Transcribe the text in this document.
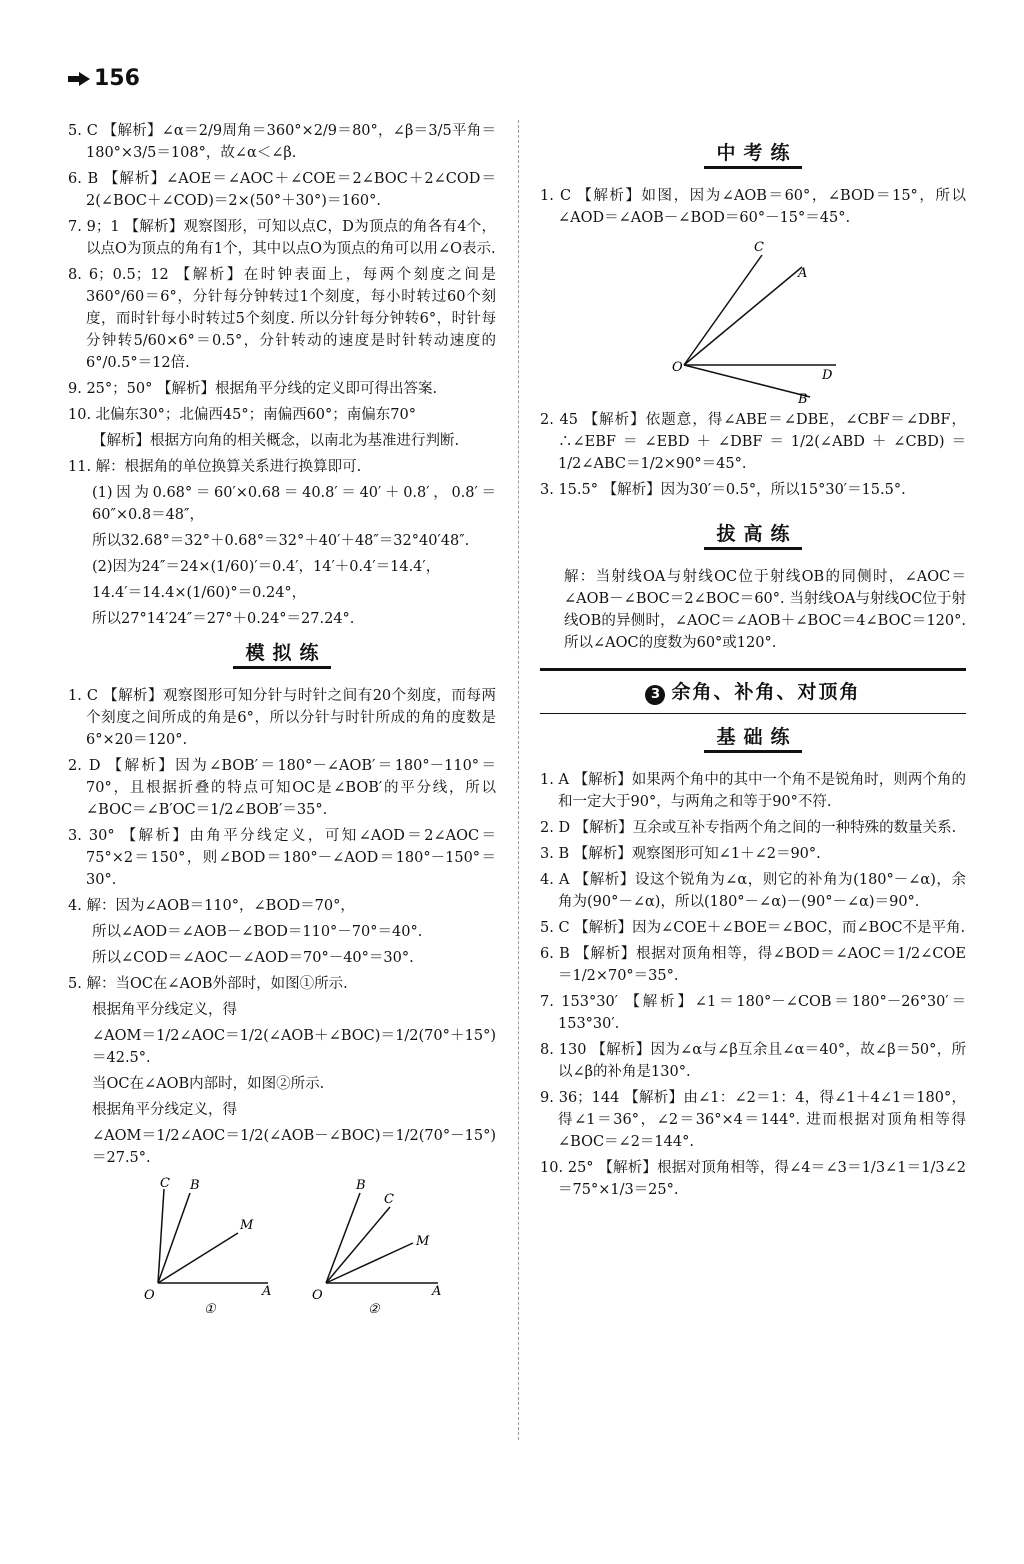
156

5. C 【解析】∠α＝2/9周角＝360°×2/9＝80°，∠β＝3/5平角＝180°×3/5＝108°，故∠α＜∠β.

6. B 【解析】∠AOE＝∠AOC＋∠COE＝2∠BOC＋2∠COD＝2(∠BOC＋∠COD)＝2×(50°＋30°)＝160°.

7. 9；1 【解析】观察图形，可知以点C，D为顶点的角各有4个，以点O为顶点的角有1个，其中以点O为顶点的角可以用∠O表示.

8. 6；0.5；12 【解析】在时钟表面上，每两个刻度之间是360°/60＝6°，分针每分钟转过1个刻度，每小时转过60个刻度，而时针每小时转过5个刻度. 所以分针每分钟转6°，时针每分钟转5/60×6°＝0.5°，分针转动的速度是时针转动速度的6°/0.5°＝12倍.

9. 25°；50° 【解析】根据角平分线的定义即可得出答案.

10. 北偏东30°；北偏西45°；南偏西60°；南偏东70°

【解析】根据方向角的相关概念，以南北为基准进行判断.

11. 解：根据角的单位换算关系进行换算即可.

(1)因为0.68°＝60′×0.68＝40.8′＝40′＋0.8′，0.8′＝60″×0.8＝48″，

所以32.68°＝32°＋0.68°＝32°＋40′＋48″＝32°40′48″.

(2)因为24″＝24×(1/60)′＝0.4′，14′＋0.4′＝14.4′，

14.4′＝14.4×(1/60)°＝0.24°，

所以27°14′24″＝27°＋0.24°＝27.24°.

模拟练

1. C 【解析】观察图形可知分针与时针之间有20个刻度，而每两个刻度之间所成的角是6°，所以分针与时针所成的角的度数是6°×20＝120°.

2. D 【解析】因为∠BOB′＝180°－∠AOB′＝180°－110°＝70°，且根据折叠的特点可知OC是∠BOB′的平分线，所以∠BOC＝∠B′OC＝1/2∠BOB′＝35°.

3. 30° 【解析】由角平分线定义，可知∠AOD＝2∠AOC＝75°×2＝150°，则∠BOD＝180°－∠AOD＝180°－150°＝30°.

4. 解：因为∠AOB＝110°，∠BOD＝70°，

所以∠AOD＝∠AOB－∠BOD＝110°－70°＝40°.

所以∠COD＝∠AOC－∠AOD＝70°－40°＝30°.

5. 解：当OC在∠AOB外部时，如图①所示.

根据角平分线定义，得

∠AOM＝1/2∠AOC＝1/2(∠AOB＋∠BOC)＝1/2(70°＋15°)＝42.5°.

当OC在∠AOB内部时，如图②所示.

根据角平分线定义，得

∠AOM＝1/2∠AOC＝1/2(∠AOB－∠BOC)＝1/2(70°－15°)＝27.5°.

C B
M
O	A
①
B
C
M
O	A
②
中考练

1. C 【解析】如图，因为∠AOB＝60°，∠BOD＝15°，所以∠AOD＝∠AOB－∠BOD＝60°－15°＝45°.

C
A
O
D
B

2. 45 【解析】依题意，得∠ABE＝∠DBE，∠CBF＝∠DBF，∴∠EBF＝∠EBD＋∠DBF＝1/2(∠ABD＋∠CBD)＝1/2∠ABC＝1/2×90°＝45°.

3. 15.5° 【解析】因为30′＝0.5°，所以15°30′＝15.5°.

拔高练

解：当射线OA与射线OC位于射线OB的同侧时，∠AOC＝∠AOB－∠BOC＝2∠BOC＝60°. 当射线OA与射线OC位于射线OB的异侧时，∠AOC＝∠AOB＋∠BOC＝4∠BOC＝120°. 所以∠AOC的度数为60°或120°.

3 余角、补角、对顶角
基础练

1. A 【解析】如果两个角中的其中一个角不是锐角时，则两个角的和一定大于90°，与两角之和等于90°不符.

2. D 【解析】互余或互补专指两个角之间的一种特殊的数量关系.

3. B 【解析】观察图形可知∠1＋∠2＝90°.

4. A 【解析】设这个锐角为∠α，则它的补角为(180°－∠α)，余角为(90°－∠α)，所以(180°－∠α)－(90°－∠α)＝90°.

5. C 【解析】因为∠COE＋∠BOE＝∠BOC，而∠BOC不是平角.

6. B 【解析】根据对顶角相等，得∠BOD＝∠AOC＝1/2∠COE＝1/2×70°＝35°.

7. 153°30′ 【解析】∠1＝180°－∠COB＝180°－26°30′＝153°30′.

8. 130 【解析】因为∠α与∠β互余且∠α＝40°，故∠β＝50°，所以∠β的补角是130°.

9. 36；144 【解析】由∠1：∠2＝1：4，得∠1＋4∠1＝180°，得∠1＝36°，∠2＝36°×4＝144°. 进而根据对顶角相等得∠BOC＝∠2＝144°.

10. 25° 【解析】根据对顶角相等，得∠4＝∠3＝1/3∠1＝1/3∠2＝75°×1/3＝25°.
